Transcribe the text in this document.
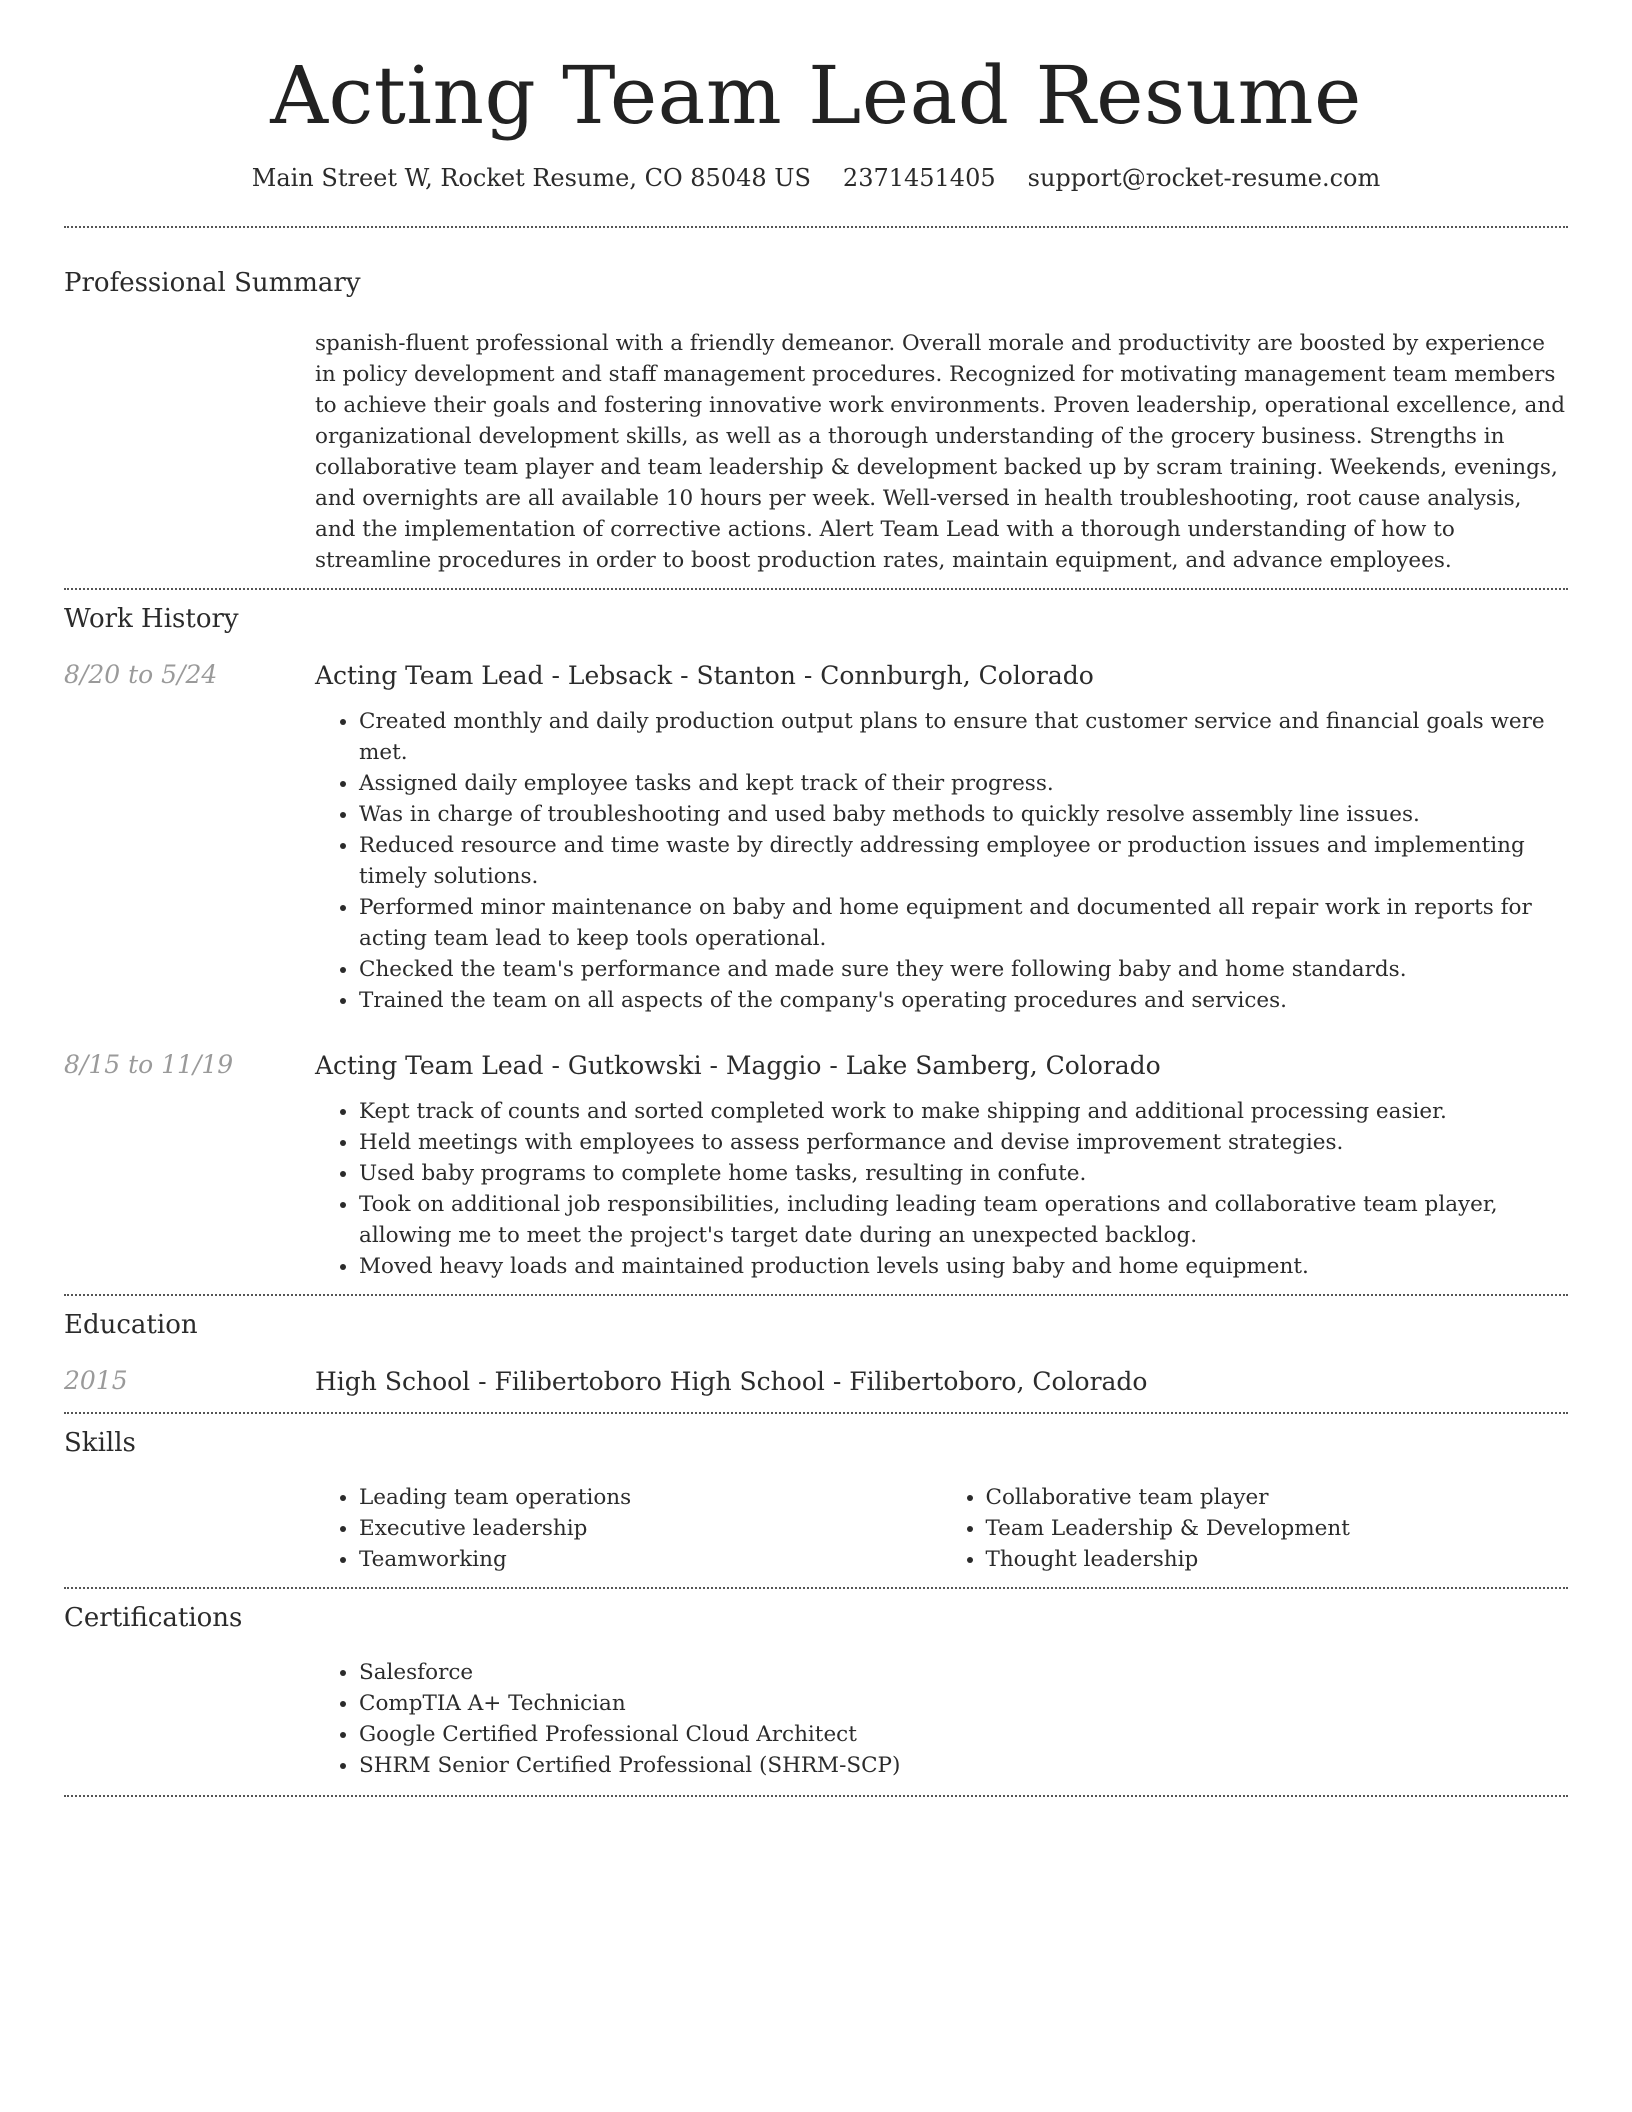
Acting Team Lead Resume
Main Street W, Rocket Resume, CO 85048 US 2371451405 support@rocket-resume.com
Professional Summary

spanish-fluent professional with a friendly demeanor. Overall morale and productivity are boosted by experience in policy development and staff management procedures. Recognized for motivating management team members to achieve their goals and fostering innovative work environments. Proven leadership, operational excellence, and organizational development skills, as well as a thorough understanding of the grocery business. Strengths in collaborative team player and team leadership & development backed up by scram training. Weekends, evenings, and overnights are all available 10 hours per week. Well-versed in health troubleshooting, root cause analysis, and the implementation of corrective actions. Alert Team Lead with a thorough understanding of how to streamline procedures in order to boost production rates, maintain equipment, and advance employees.

Work History
8/20 to 5/24	Acting Team Lead - Lebsack - Stanton - Connburgh, Colorado

• Created monthly and daily production output plans to ensure that customer service and financial goals were met.
• Assigned daily employee tasks and kept track of their progress.
• Was in charge of troubleshooting and used baby methods to quickly resolve assembly line issues.
• Reduced resource and time waste by directly addressing employee or production issues and implementing timely solutions.
• Performed minor maintenance on baby and home equipment and documented all repair work in reports for acting team lead to keep tools operational.
• Checked the team's performance and made sure they were following baby and home standards.
• Trained the team on all aspects of the company's operating procedures and services.
8/15 to 11/19	Acting Team Lead - Gutkowski - Maggio - Lake Samberg, Colorado

• Kept track of counts and sorted completed work to make shipping and additional processing easier.
• Held meetings with employees to assess performance and devise improvement strategies.
• Used baby programs to complete home tasks, resulting in confute.
• Took on additional job responsibilities, including leading team operations and collaborative team player, allowing me to meet the project's target date during an unexpected backlog.
• Moved heavy loads and maintained production levels using baby and home equipment.
Education
2015	High School - Filibertoboro High School - Filibertoboro, Colorado

Skills
• Leading team operations
• Executive leadership
• Teamworking
• Collaborative team player
• Team Leadership & Development
• Thought leadership
Certifications
• Salesforce
• CompTIA A+ Technician
• Google Certified Professional Cloud Architect
• SHRM Senior Certified Professional (SHRM-SCP)
